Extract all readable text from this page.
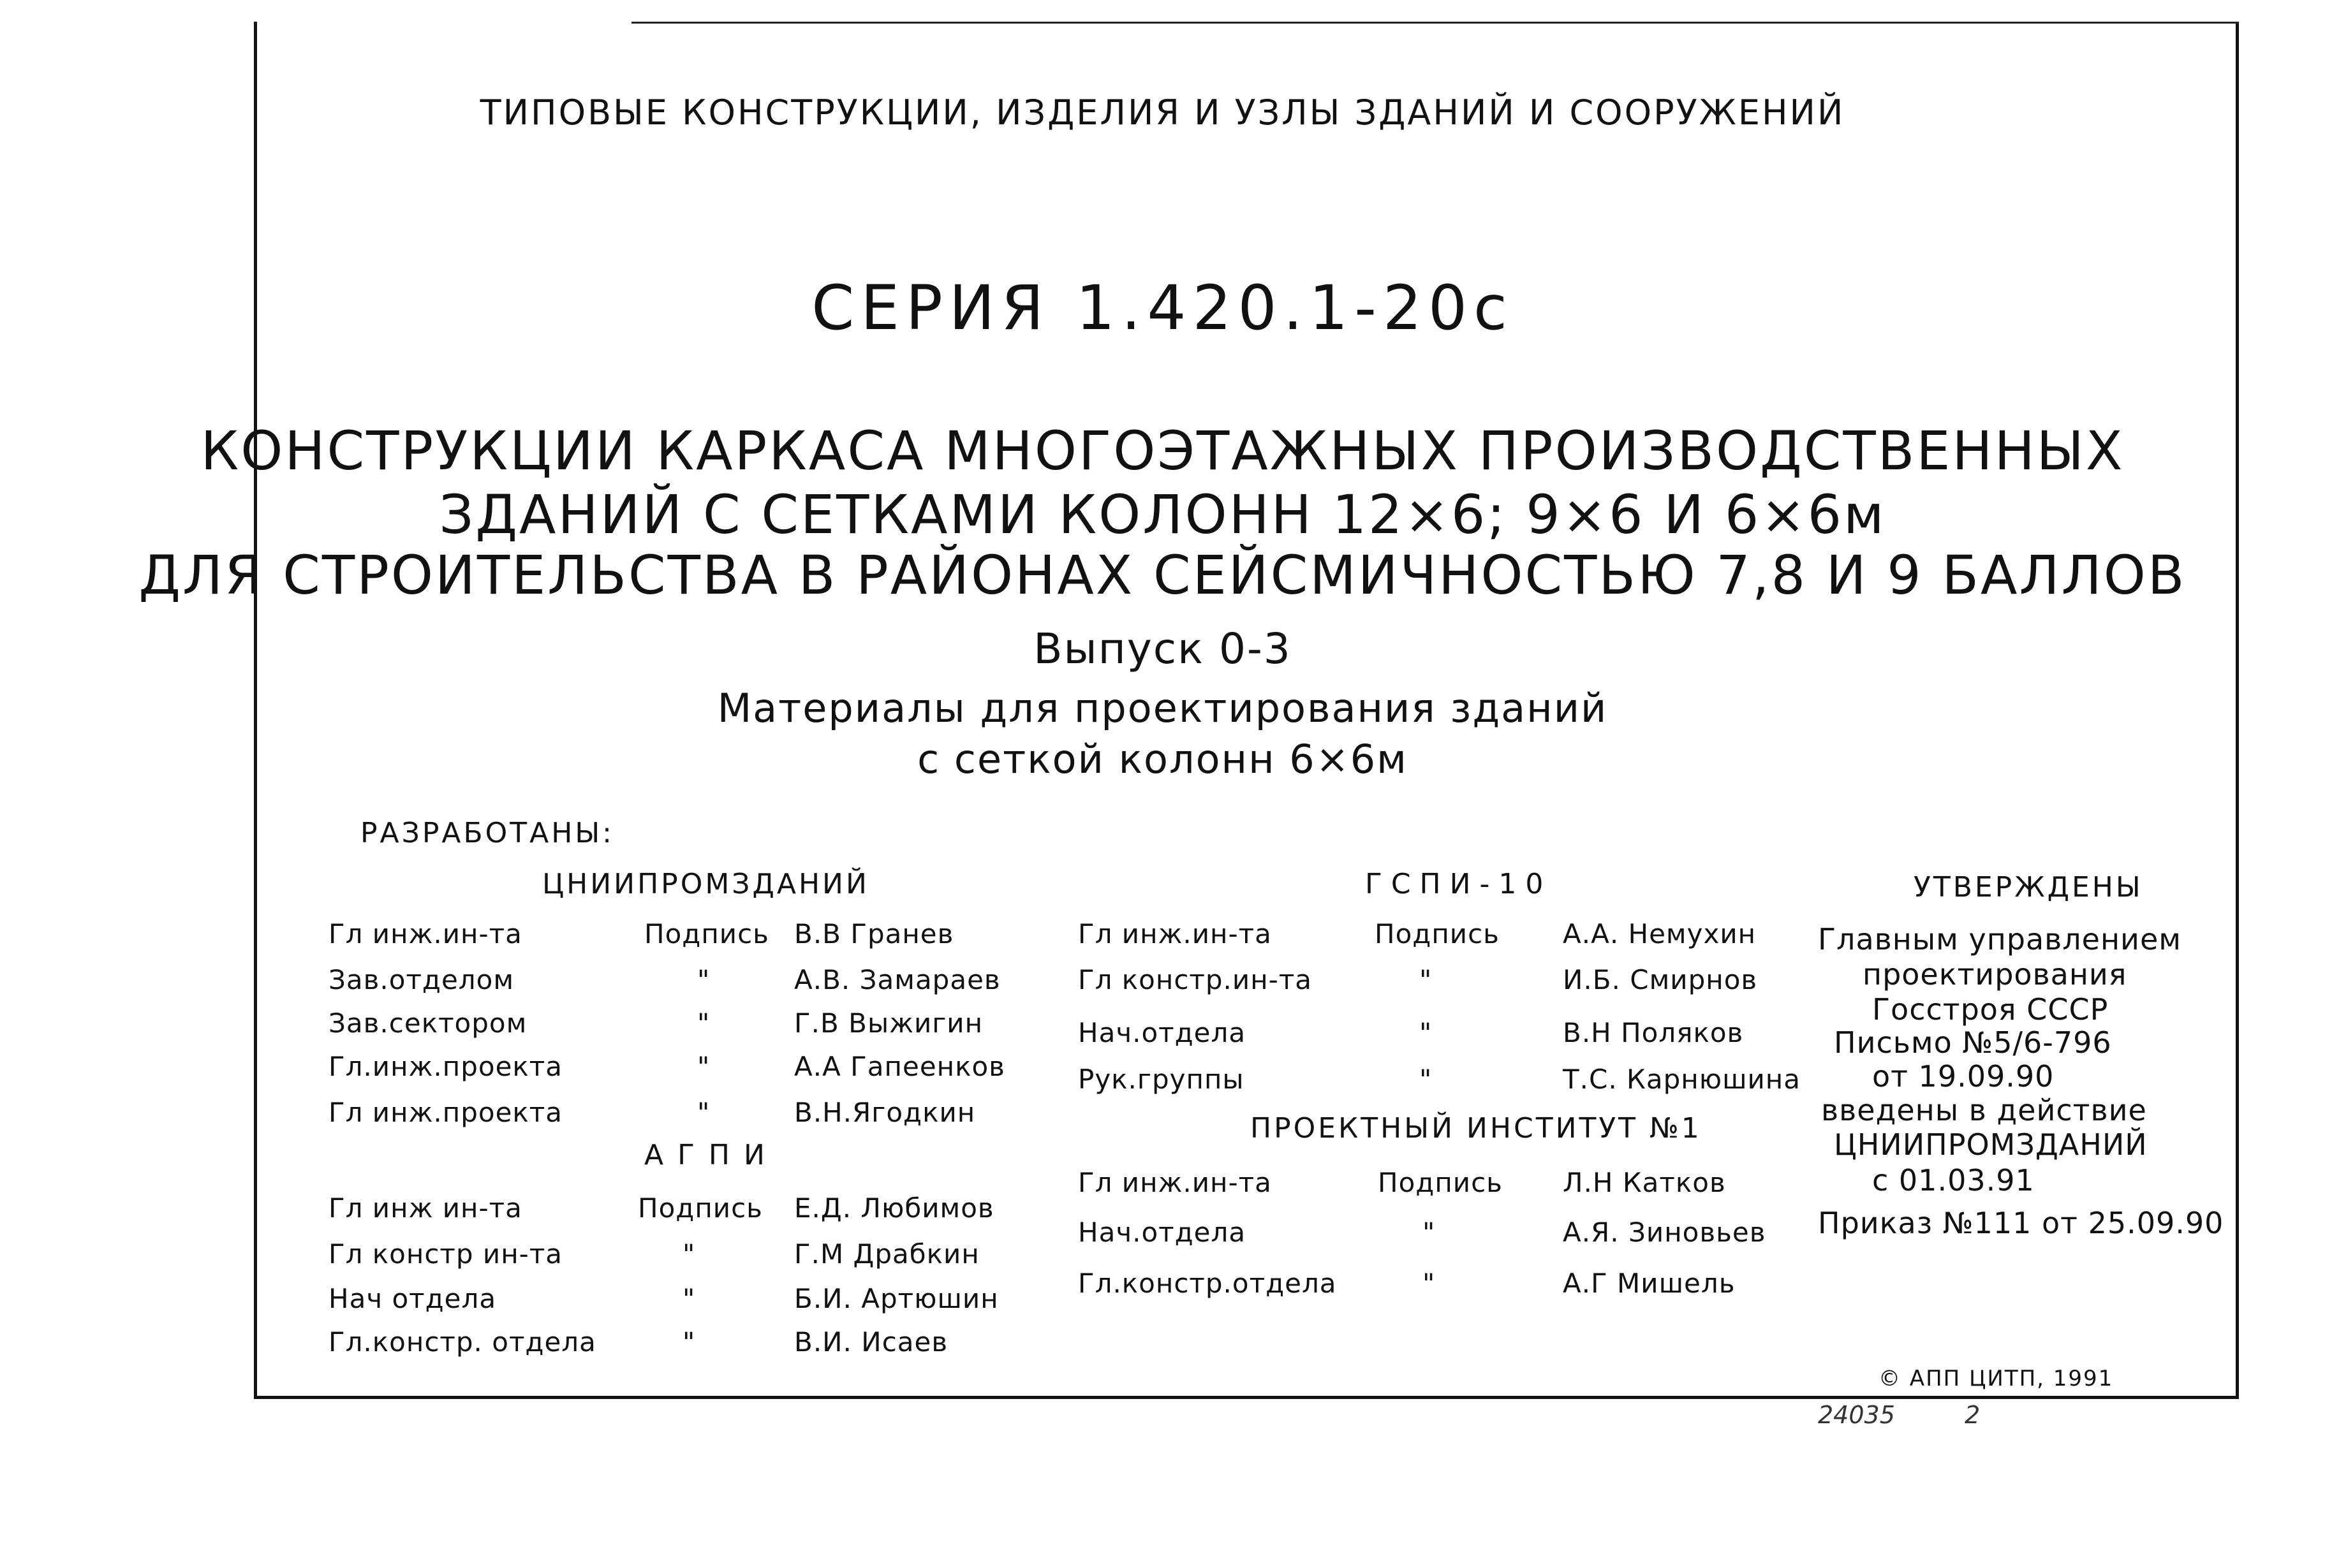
ТИПОВЫЕ КОНСТРУКЦИИ, ИЗДЕЛИЯ И УЗЛЫ ЗДАНИЙ И СООРУЖЕНИЙ
СЕРИЯ 1.420.1-20с
КОНСТРУКЦИИ КАРКАСА МНОГОЭТАЖНЫХ ПРОИЗВОДСТВЕННЫХ
ЗДАНИЙ С СЕТКАМИ КОЛОНН 12×6; 9×6 И 6×6м
ДЛЯ СТРОИТЕЛЬСТВА В РАЙОНАХ СЕЙСМИЧНОСТЬЮ 7,8 И 9 БАЛЛОВ
Выпуск 0-3
Материалы для проектирования зданий
с сеткой колонн 6×6м
РАЗРАБОТАНЫ:
ЦНИИПРОМЗДАНИЙ
Гл инж.ин-та	Подпись В.В Гранев
Зав.отделом	"	А.В. Замараев
Зав.сектором	"	Г.В Выжигин
Гл.инж.проекта	"	А.А Гапеенков
Гл инж.проекта	"	В.Н.Ягодкин
АГПИ
Гл инж ин-та	Подпись Е.Д. Любимов
Гл констр ин-та	"	Г.М Драбкин
Нач отдела	"	Б.И. Артюшин
Гл.констр. отдела	"	В.И. Исаев
ГСПИ-10
Гл инж.ин-та	Подпись А.А. Немухин
Гл констр.ин-та	"	И.Б. Смирнов
Нач.отдела	"	В.Н Поляков
Рук.группы	"	Т.С. Карнюшина
ПРОЕКТНЫЙ ИНСТИТУТ №1
Гл инж.ин-та	Подпись Л.Н Катков
Нач.отдела	"	А.Я. Зиновьев
Гл.констр.отдела	"	А.Г Мишель
УТВЕРЖДЕНЫ
Главным управлением
проектирования
Госстроя СССР
Письмо №5/6-796
от 19.09.90
введены в действие
ЦНИИПРОМЗДАНИЙ
с 01.03.91
Приказ №111 от 25.09.90
© АПП ЦИТП, 1991
24035	2
